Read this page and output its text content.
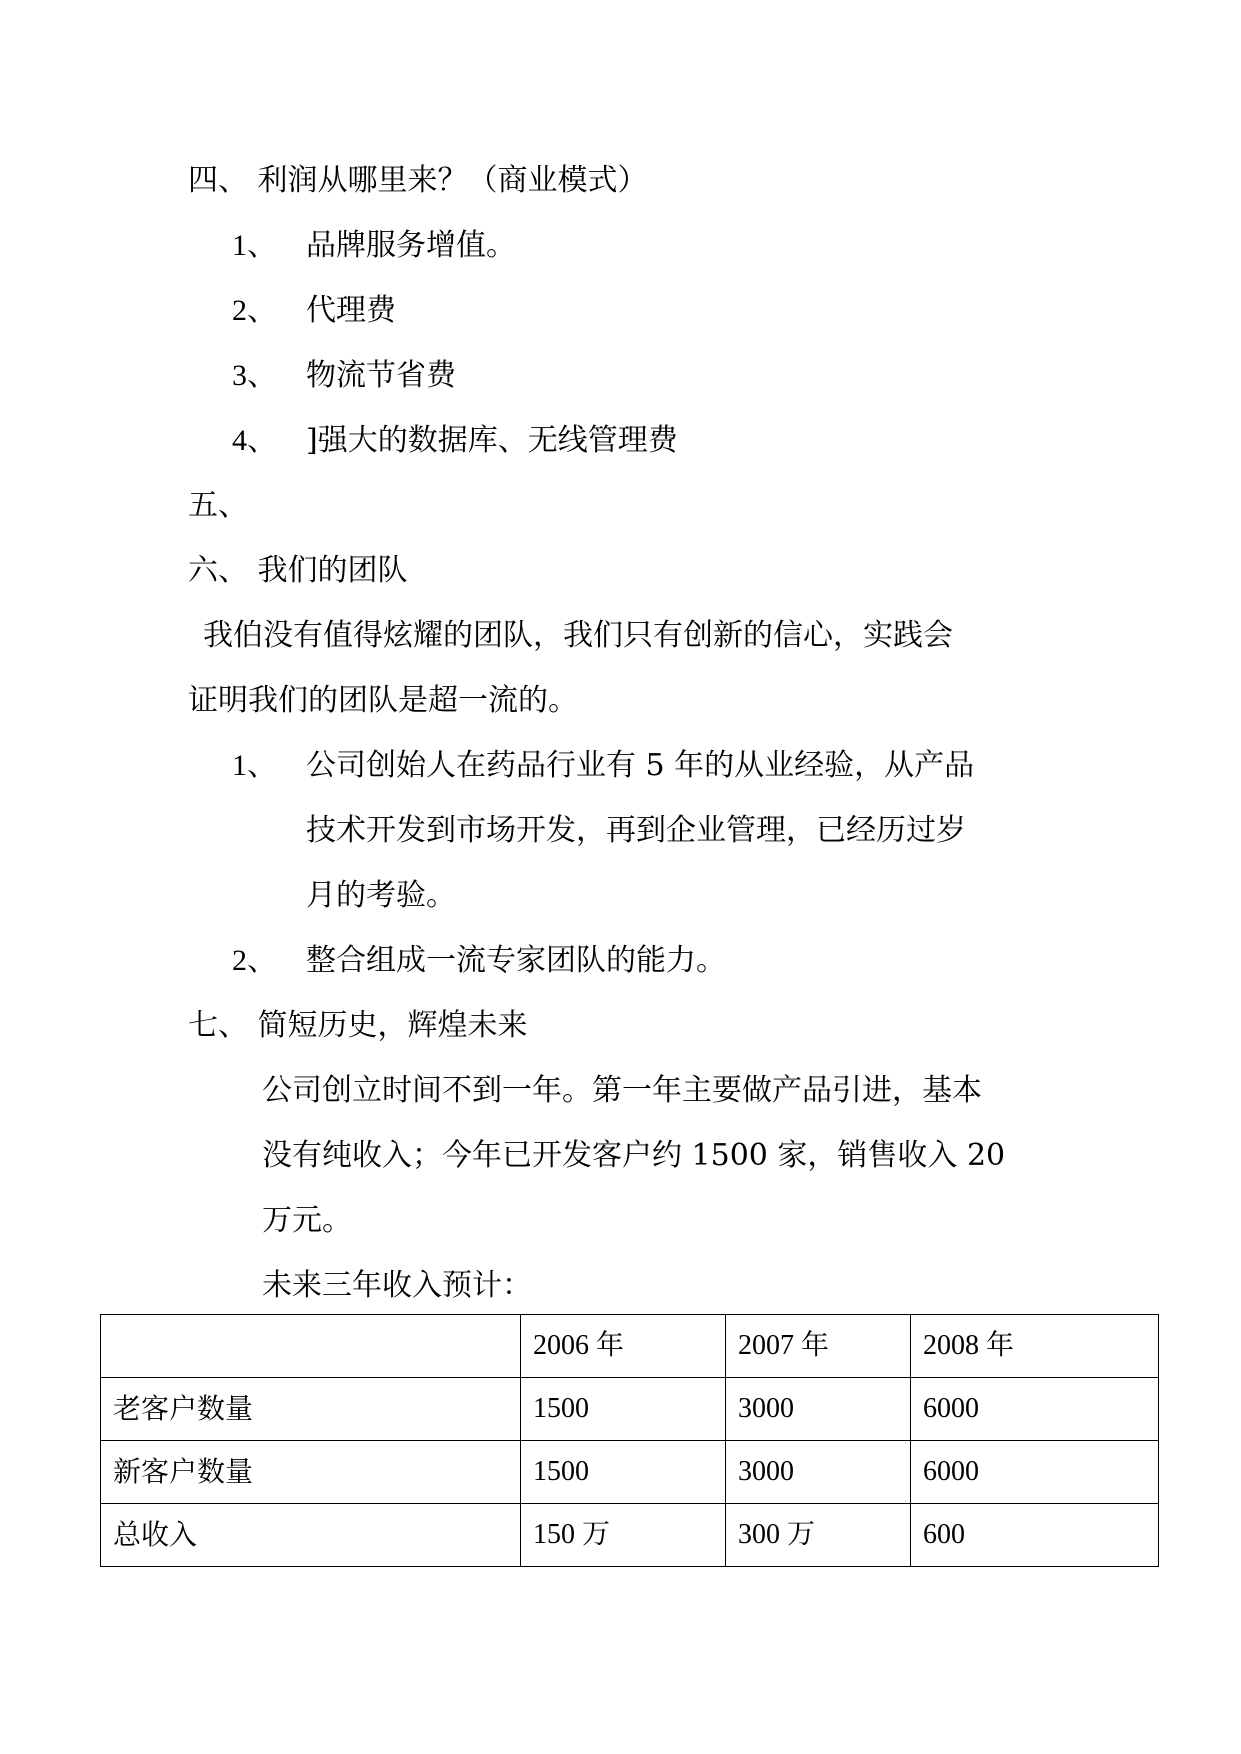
四、 利润从哪里来？（商业模式）
1、 品牌服务增值。
2、 代理费
3、 物流节省费
4、 ]强大的数据库、无线管理费
五、
六、 我们的团队
我伯没有值得炫耀的团队，我们只有创新的信心，实践会
证明我们的团队是超一流的。
1、 公司创始人在药品行业有 5 年的从业经验，从产品
技术开发到市场开发，再到企业管理，已经历过岁
月的考验。
2、 整合组成一流专家团队的能力。
七、 简短历史，辉煌未来
公司创立时间不到一年。第一年主要做产品引进，基本
没有纯收入；今年已开发客户约 1500 家，销售收入 20
万元。
未来三年收入预计：
	2006 年	2007 年	2008 年
老客户数量	1500	3000	6000
新客户数量	1500	3000	6000
总收入	150 万	300 万	600
